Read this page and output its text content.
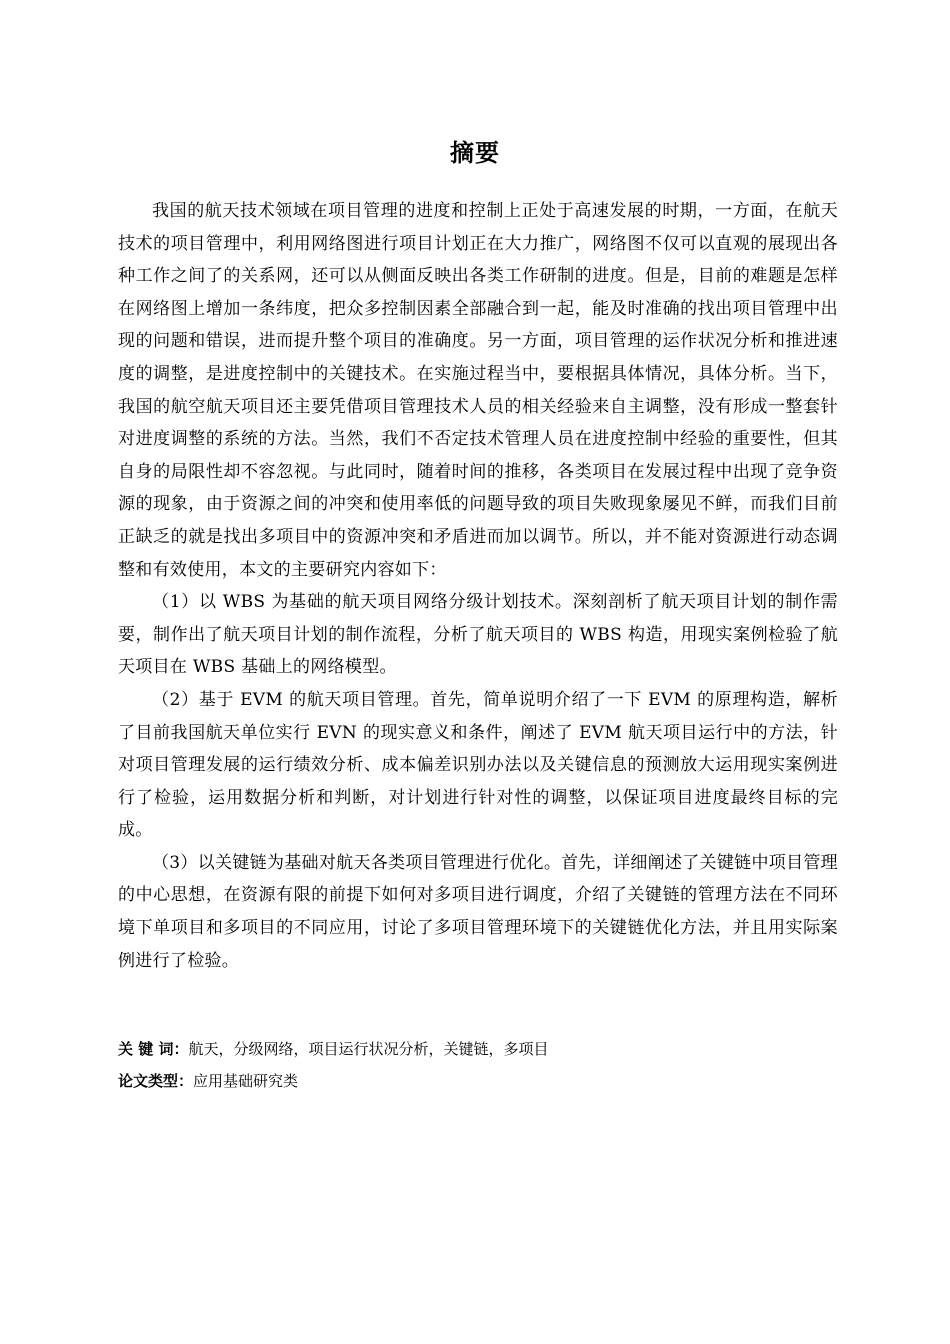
摘要

我国的航天技术领域在项目管理的进度和控制上正处于高速发展的时期，一方面，在航天技术的项目管理中，利用网络图进行项目计划正在大力推广，网络图不仅可以直观的展现出各种工作之间了的关系网，还可以从侧面反映出各类工作研制的进度。但是，目前的难题是怎样在网络图上增加一条纬度，把众多控制因素全部融合到一起，能及时准确的找出项目管理中出现的问题和错误，进而提升整个项目的准确度。另一方面，项目管理的运作状况分析和推进速度的调整，是进度控制中的关键技术。在实施过程当中，要根据具体情况，具体分析。当下，我国的航空航天项目还主要凭借项目管理技术人员的相关经验来自主调整，没有形成一整套针对进度调整的系统的方法。当然，我们不否定技术管理人员在进度控制中经验的重要性，但其自身的局限性却不容忽视。与此同时，随着时间的推移，各类项目在发展过程中出现了竞争资源的现象，由于资源之间的冲突和使用率低的问题导致的项目失败现象屡见不鲜，而我们目前正缺乏的就是找出多项目中的资源冲突和矛盾进而加以调节。所以，并不能对资源进行动态调整和有效使用，本文的主要研究内容如下：

（1）以 WBS 为基础的航天项目网络分级计划技术。深刻剖析了航天项目计划的制作需要，制作出了航天项目计划的制作流程，分析了航天项目的 WBS 构造，用现实案例检验了航天项目在 WBS 基础上的网络模型。

（2）基于 EVM 的航天项目管理。首先，简单说明介绍了一下 EVM 的原理构造，解析了目前我国航天单位实行 EVN 的现实意义和条件，阐述了 EVM 航天项目运行中的方法，针对项目管理发展的运行绩效分析、成本偏差识别办法以及关键信息的预测放大运用现实案例进行了检验，运用数据分析和判断，对计划进行针对性的调整，以保证项目进度最终目标的完成。

（3）以关键链为基础对航天各类项目管理进行优化。首先，详细阐述了关键链中项目管理的中心思想，在资源有限的前提下如何对多项目进行调度，介绍了关键链的管理方法在不同环境下单项目和多项目的不同应用，讨论了多项目管理环境下的关键链优化方法，并且用实际案例进行了检验。

关 键 词：航天，分级网络，项目运行状况分析，关键链，多项目
论文类型：应用基础研究类
